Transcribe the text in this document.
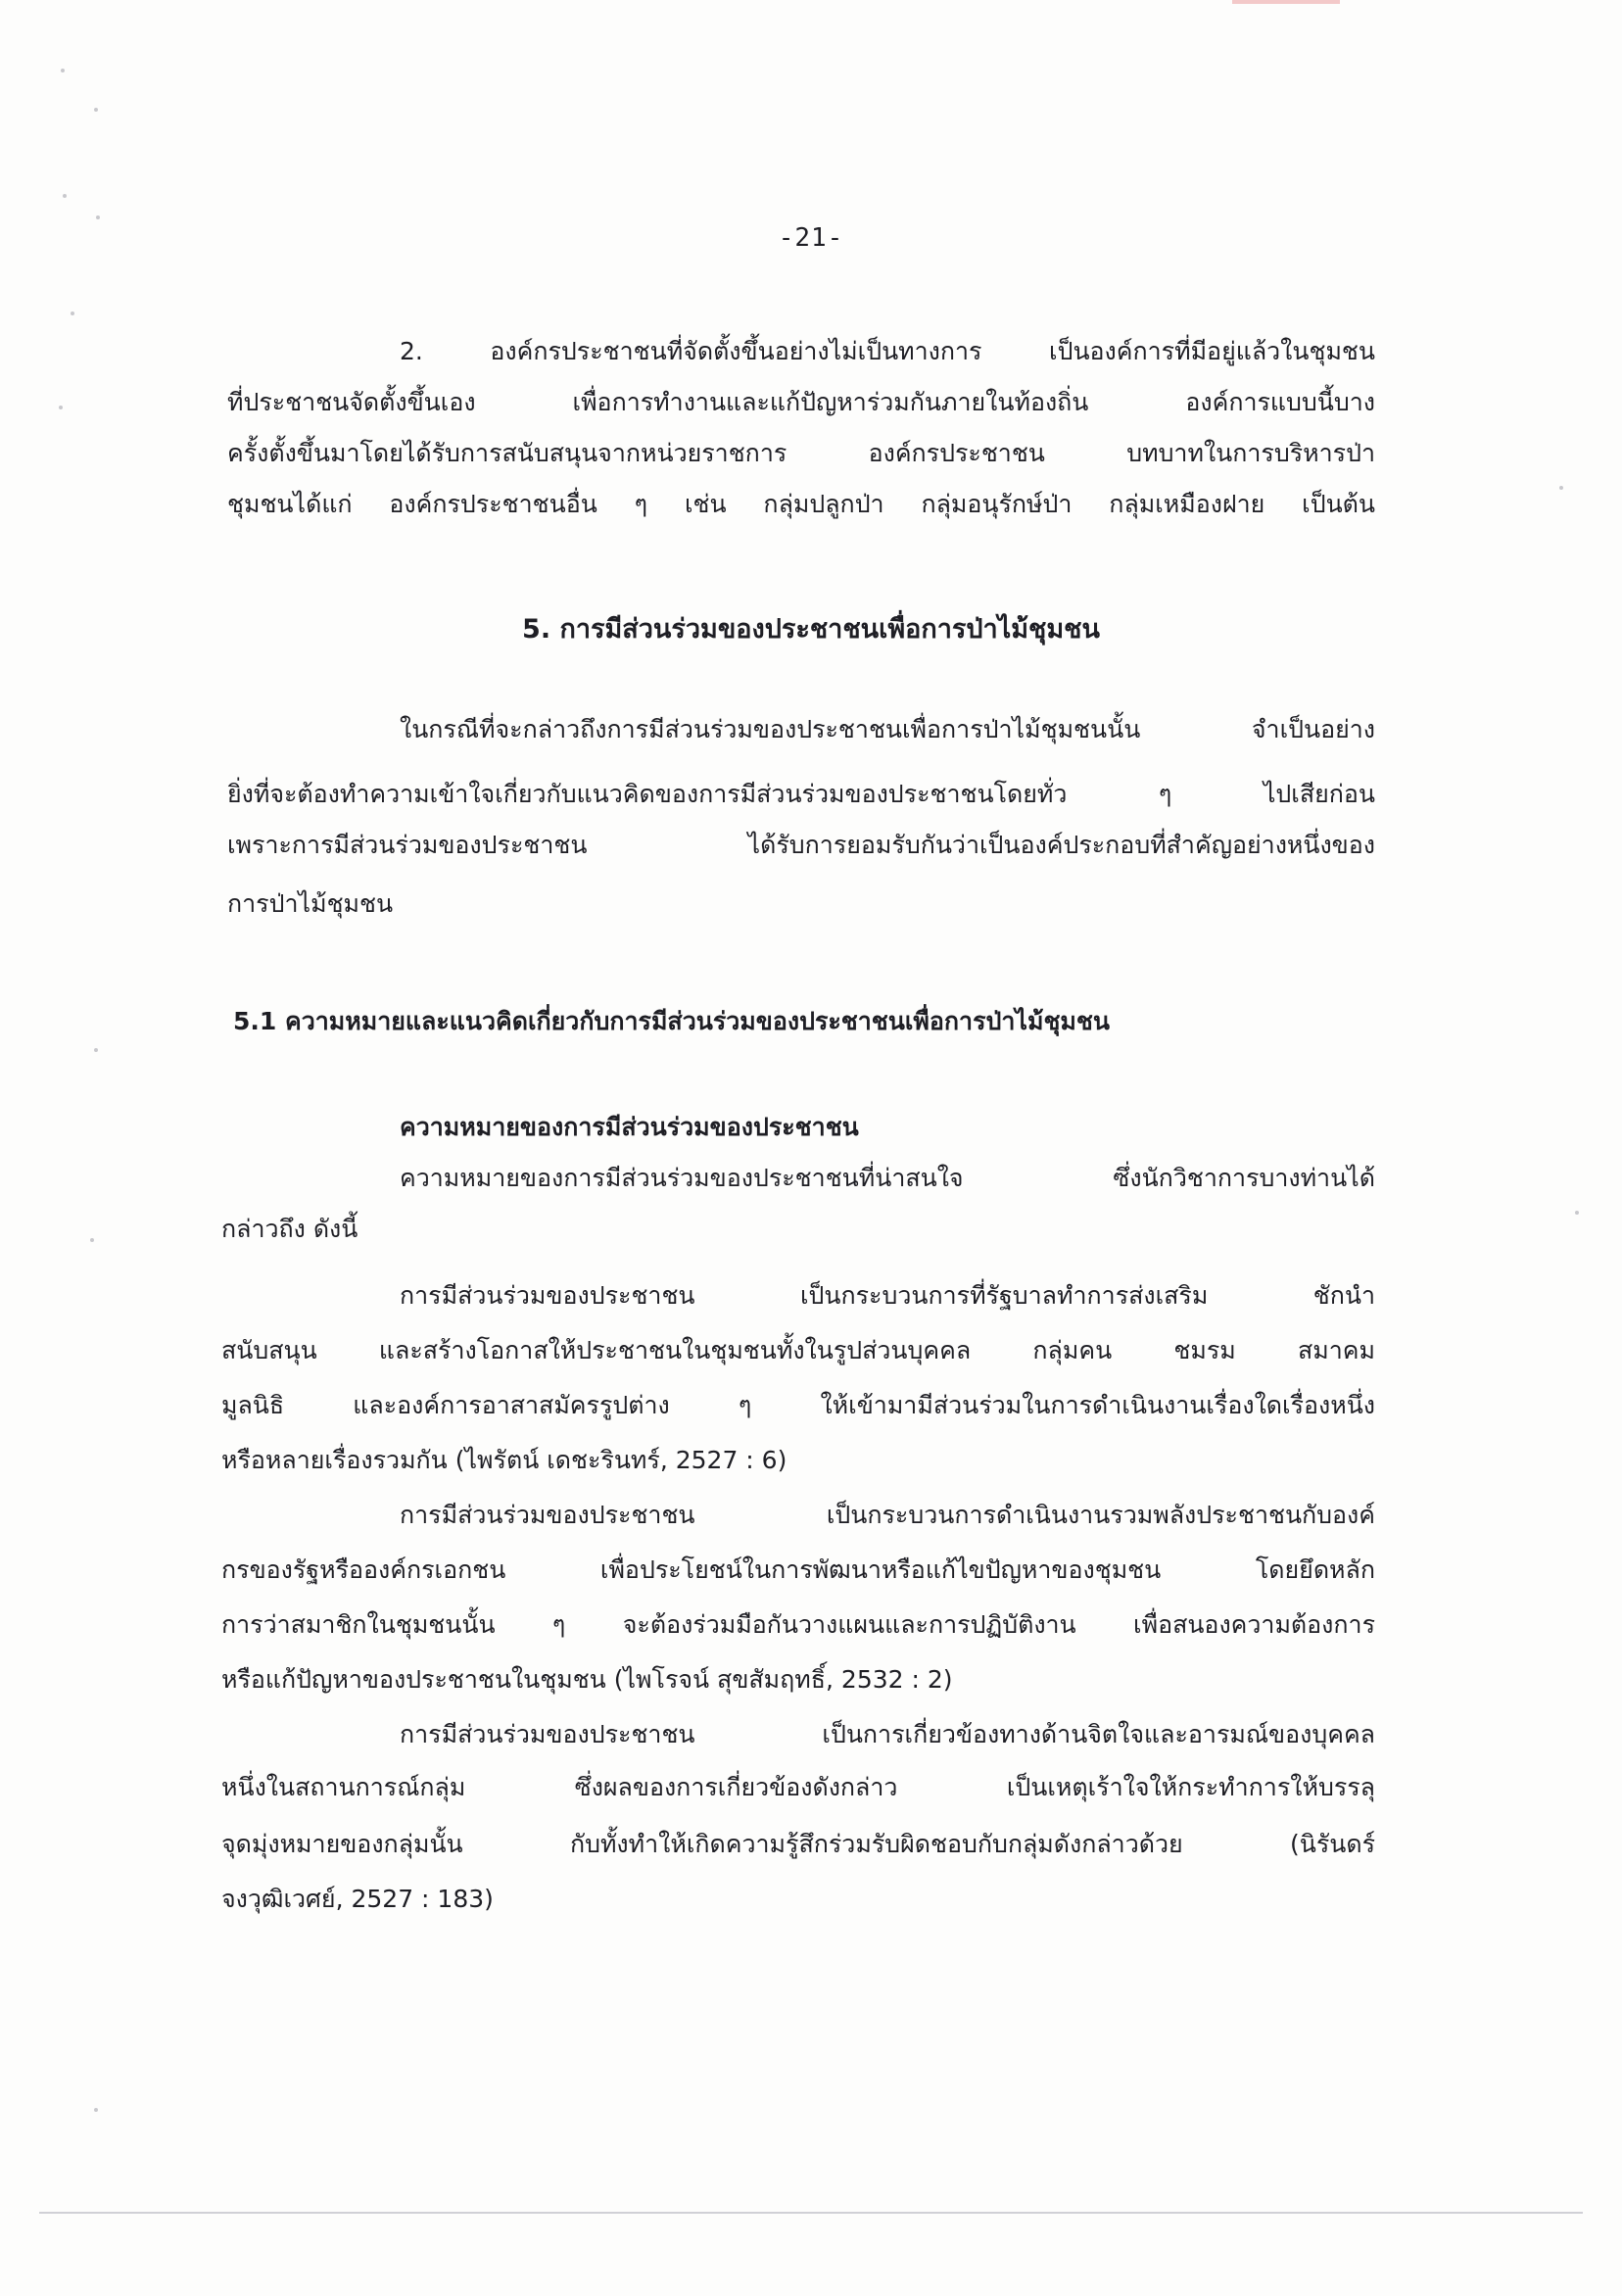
-21-
2. องค์กรประชาชนที่จัดตั้งขึ้นอย่างไม่เป็นทางการ เป็นองค์การที่มีอยู่แล้วในชุมชน
ที่ประชาชนจัดตั้งขึ้นเอง เพื่อการทำงานและแก้ปัญหาร่วมกันภายในท้องถิ่น องค์การแบบนี้บาง
ครั้งตั้งขึ้นมาโดยได้รับการสนับสนุนจากหน่วยราชการ องค์กรประชาชน บทบาทในการบริหารป่า
ชุมชนได้แก่ องค์กรประชาชนอื่น ๆ เช่น กลุ่มปลูกป่า กลุ่มอนุรักษ์ป่า กลุ่มเหมืองฝาย เป็นต้น
5. การมีส่วนร่วมของประชาชนเพื่อการป่าไม้ชุมชน
ในกรณีที่จะกล่าวถึงการมีส่วนร่วมของประชาชนเพื่อการป่าไม้ชุมชนนั้น จำเป็นอย่าง
ยิ่งที่จะต้องทำความเข้าใจเกี่ยวกับแนวคิดของการมีส่วนร่วมของประชาชนโดยทั่ว ๆ ไปเสียก่อน
เพราะการมีส่วนร่วมของประชาชน ได้รับการยอมรับกันว่าเป็นองค์ประกอบที่สำคัญอย่างหนึ่งของ
การป่าไม้ชุมชน
5.1 ความหมายและแนวคิดเกี่ยวกับการมีส่วนร่วมของประชาชนเพื่อการป่าไม้ชุมชน
ความหมายของการมีส่วนร่วมของประชาชน
ความหมายของการมีส่วนร่วมของประชาชนที่น่าสนใจ ซึ่งนักวิชาการบางท่านได้
กล่าวถึง ดังนี้
การมีส่วนร่วมของประชาชน เป็นกระบวนการที่รัฐบาลทำการส่งเสริม ชักนำ
สนับสนุน และสร้างโอกาสให้ประชาชนในชุมชนทั้งในรูปส่วนบุคคล กลุ่มคน ชมรม สมาคม
มูลนิธิ และองค์การอาสาสมัครรูปต่าง ๆ ให้เข้ามามีส่วนร่วมในการดำเนินงานเรื่องใดเรื่องหนึ่ง
หรือหลายเรื่องรวมกัน (ไพรัตน์ เดชะรินทร์, 2527 : 6)
การมีส่วนร่วมของประชาชน เป็นกระบวนการดำเนินงานรวมพลังประชาชนกับองค์
กรของรัฐหรือองค์กรเอกชน เพื่อประโยชน์ในการพัฒนาหรือแก้ไขปัญหาของชุมชน โดยยึดหลัก
การว่าสมาชิกในชุมชนนั้น ๆ จะต้องร่วมมือกันวางแผนและการปฏิบัติงาน เพื่อสนองความต้องการ
หรือแก้ปัญหาของประชาชนในชุมชน (ไพโรจน์ สุขสัมฤทธิ์, 2532 : 2)
การมีส่วนร่วมของประชาชน เป็นการเกี่ยวข้องทางด้านจิตใจและอารมณ์ของบุคคล
หนึ่งในสถานการณ์กลุ่ม ซึ่งผลของการเกี่ยวข้องดังกล่าว เป็นเหตุเร้าใจให้กระทำการให้บรรลุ
จุดมุ่งหมายของกลุ่มนั้น กับทั้งทำให้เกิดความรู้สึกร่วมรับผิดชอบกับกลุ่มดังกล่าวด้วย (นิรันดร์
จงวุฒิเวศย์, 2527 : 183)
